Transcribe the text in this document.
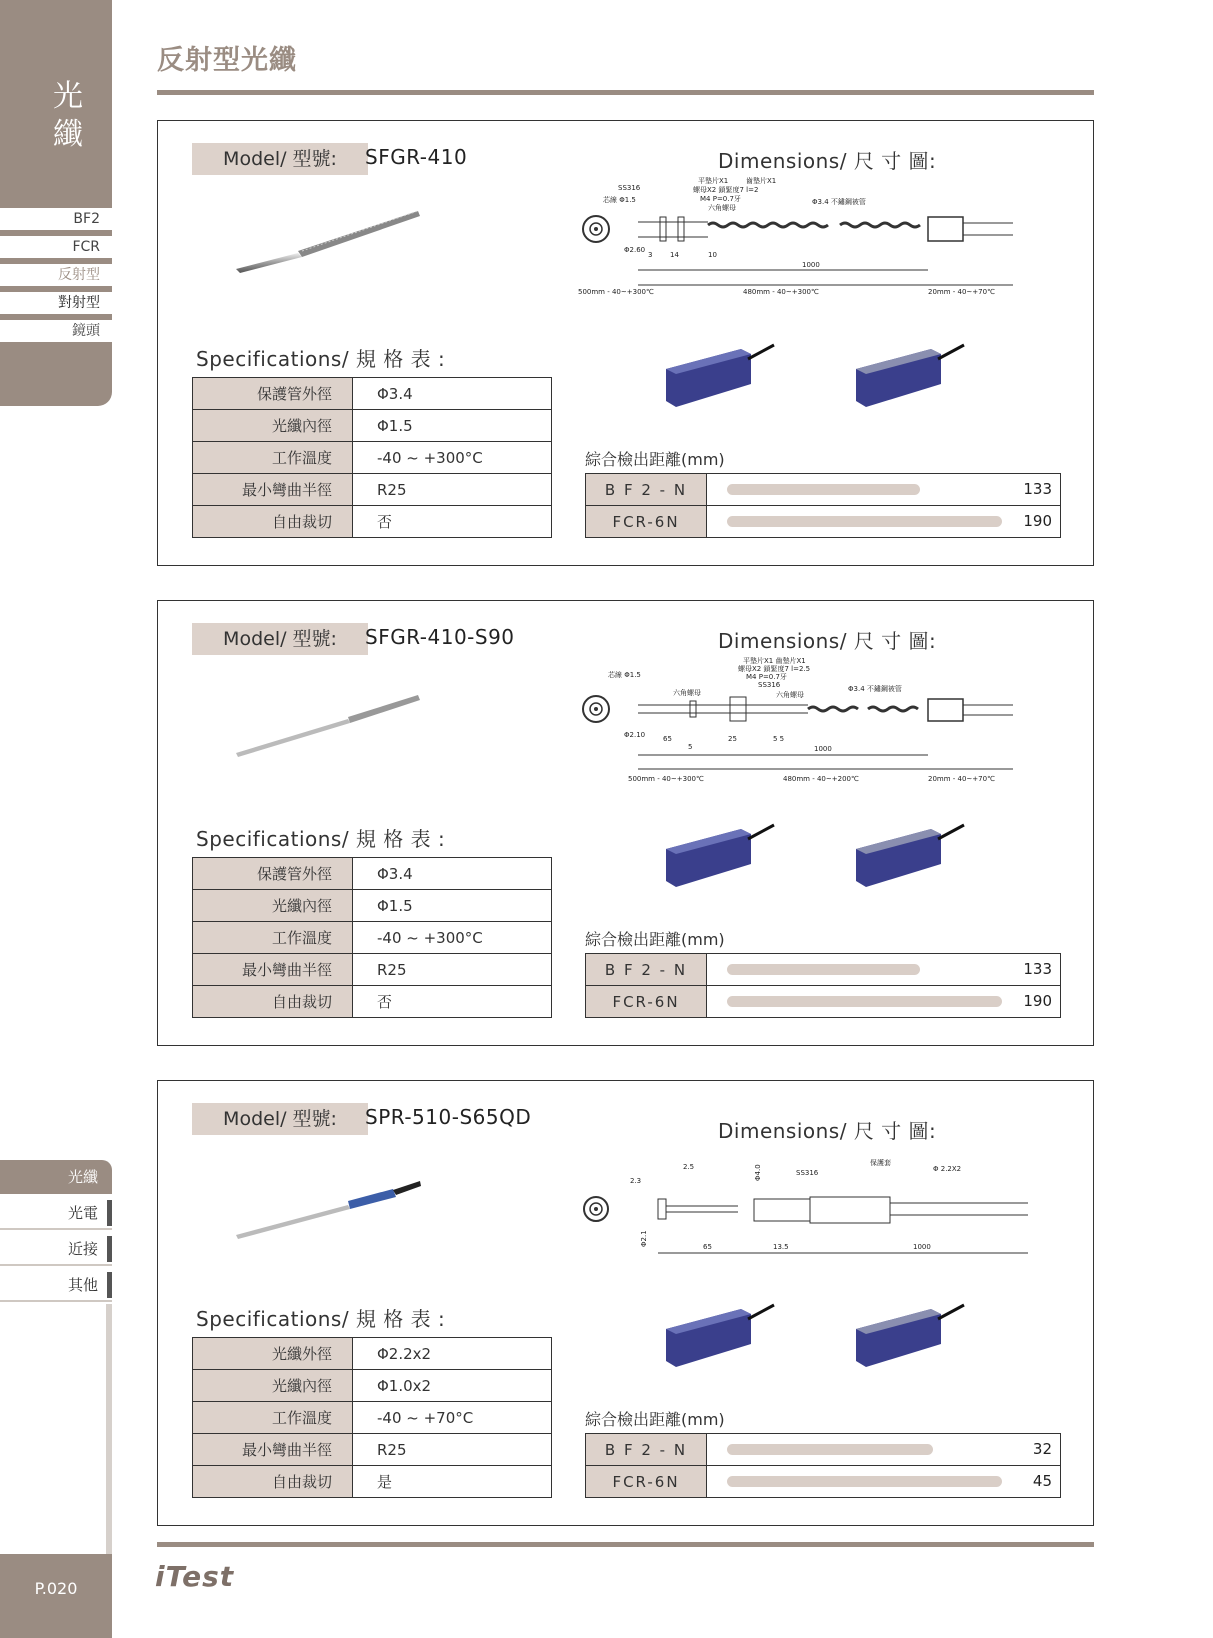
光
纖
BF2
FCR
反射型
對射型
鏡頭
光纖
光電
近接
其他
P.020
反射型光纖
Model/ 型號:	SFGR-410	Dimensions/ 尺 寸 圖:
SS316
芯線 Φ1.5
平墊片X1	齒墊片X1
螺母X2 鎖緊度7 l=2
M4 P=0.7牙
六角螺母
Φ3.4 不鏽鋼被管
Φ2.60
3	14	10
1000
500mm - 40~+300℃	480mm - 40~+300℃	20mm - 40~+70℃
Specifications/ 規 格 表 :
保護管外徑	Φ3.4
光纖內徑	Φ1.5
工作溫度	-40 ~ +300°C
最小彎曲半徑	R25
自由裁切	否
綜合檢出距離(mm)
B F 2 - N	133

FCR-6N	190
Model/ 型號:	SFGR-410-S90	Dimensions/ 尺 寸 圖:
芯線 Φ1.5
六角螺母
平墊片X1 齒墊片X1
螺母X2 鎖緊度7 l=2.5
M4 P=0.7牙
SS316
六角螺母
Φ3.4 不鏽鋼被管
Φ2.10	65
5
25	5 5
1000
500mm - 40~+300℃	480mm - 40~+200℃	20mm - 40~+70℃
Specifications/ 規 格 表 :
保護管外徑	Φ3.4
光纖內徑	Φ1.5
工作溫度	-40 ~ +300°C
最小彎曲半徑	R25
自由裁切	否
綜合檢出距離(mm)
B F 2 - N	133

FCR-6N	190
Model/ 型號:	SPR-510-S65QD
Dimensions/ 尺 寸 圖:
2.5
2.3	Φ4.0	SS316
保護套
Φ 2.2X2
Φ2.1	65	13.5	1000
Specifications/ 規 格 表 :
光纖外徑	Φ2.2x2
光纖內徑	Φ1.0x2
工作溫度	-40 ~ +70°C
最小彎曲半徑	R25
自由裁切	是
綜合檢出距離(mm)
B F 2 - N	32

FCR-6N	45
iTest
